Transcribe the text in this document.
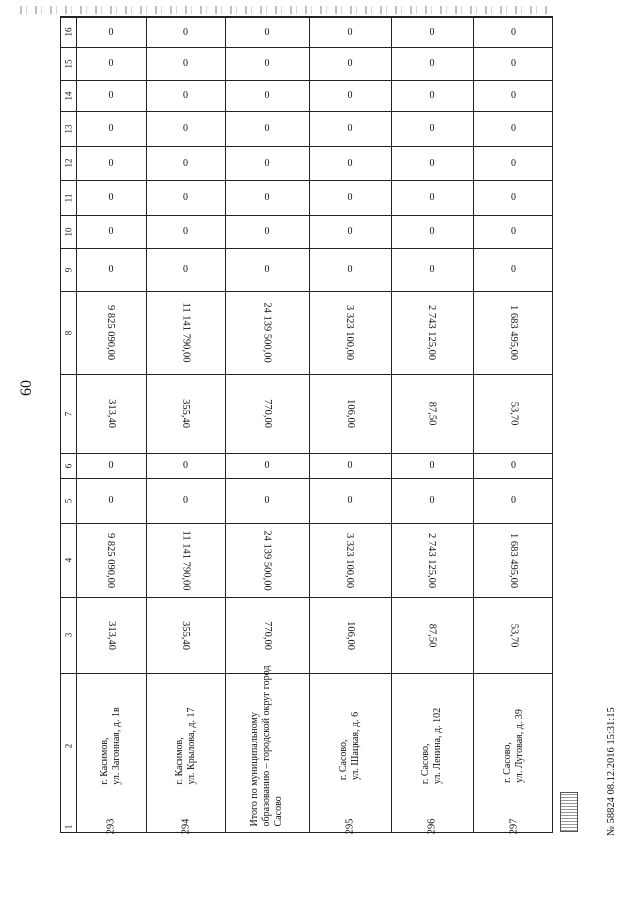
60
1
2
3
4
5
6
7
8
9
10
11
12
13
14
15
16
293
г. Касимов, ул. Загонная, д. 1в
313,40
9 825 090,00
0
0
313,40
9 825 090,00
0
0
0
0
0
0
0
0
294
г. Касимов, ул. Крылова, д. 17
355,40
11 141 790,00
0
0
355,40
11 141 790,00
0
0
0
0
0
0
0
0
Итого по муниципальному образованию – городской округ город Сасово
770,00
24 139 500,00
0
0
770,00
24 139 500,00
0
0
0
0
0
0
0
0
295
г. Сасово, ул. Шацкая, д. 6
106,00
3 323 100,00
0
0
106,00
3 323 100,00
0
0
0
0
0
0
0
0
296
г. Сасово, ул. Ленина, д. 102
87,50
2 743 125,00
0
0
87,50
2 743 125,00
0
0
0
0
0
0
0
0
297
г. Сасово, ул. Луговая, д. 39
53,70
1 683 495,00
0
0
53,70
1 683 495,00
0
0
0
0
0
0
0
0
№ 58824 08.12.2016 15:31:15
